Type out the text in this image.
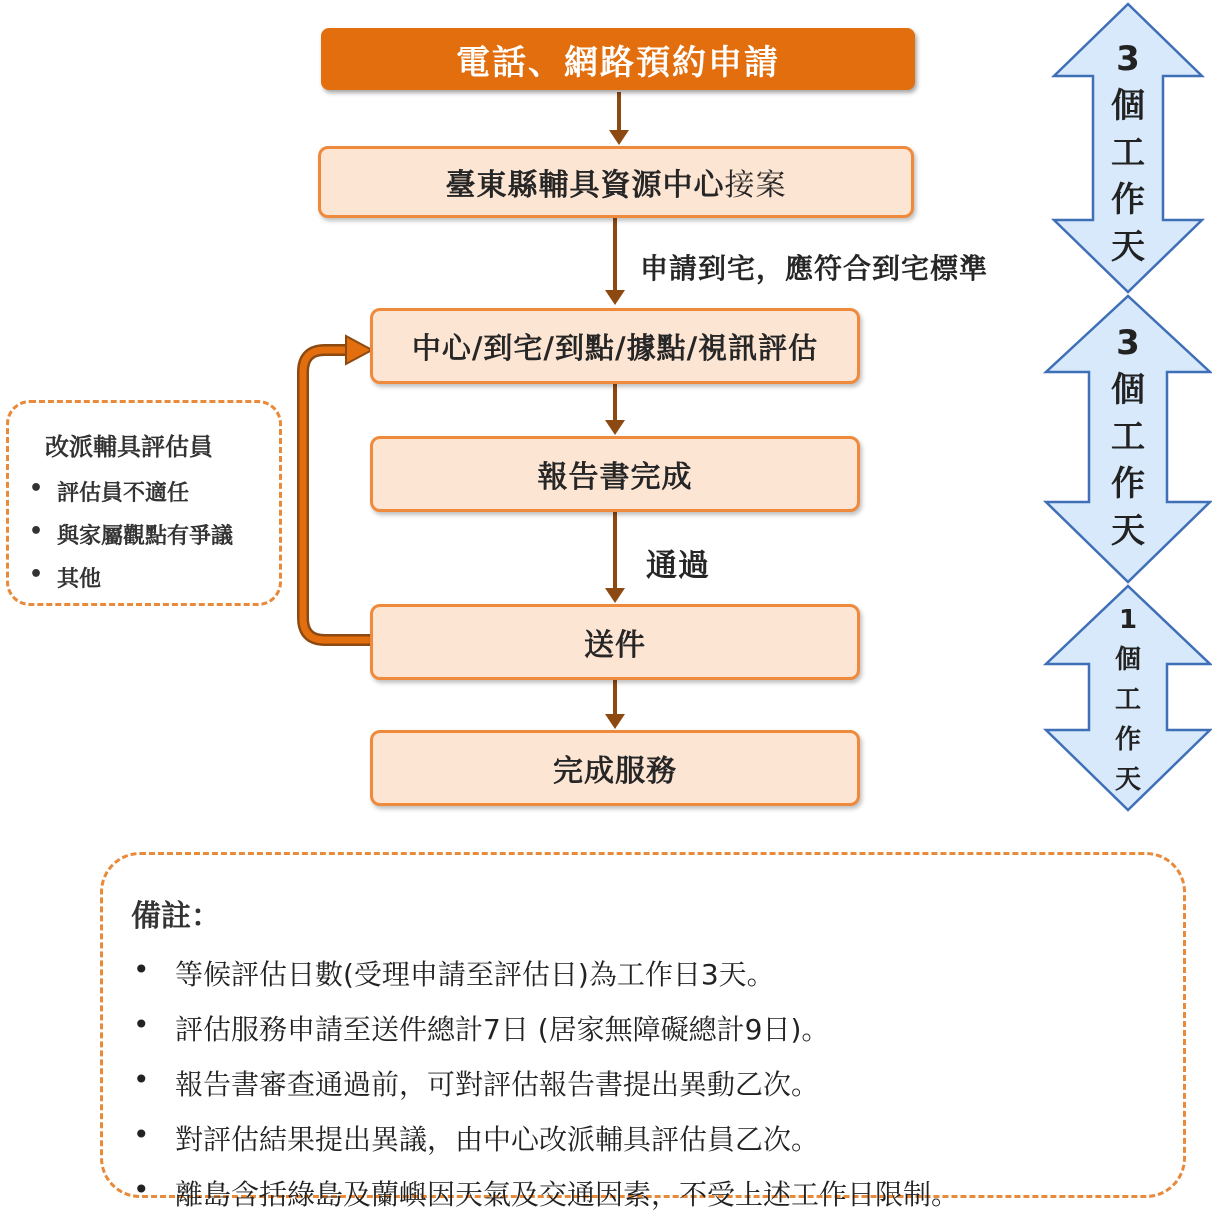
電話、網路預約申請
臺東縣輔具資源中心接案
申請到宅，應符合到宅標準
中心/到宅/到點/據點/視訊評估
報告書完成
通過
送件
完成服務
改派輔具評估員
• 評估員不適任
• 與家屬觀點有爭議
• 其他
3
個
工
作
天
3
個
工
作
天
1
個
工
作
天
備註：
• 等候評估日數(受理申請至評估日)為工作日3天。
• 評估服務申請至送件總計7日 (居家無障礙總計9日)。
• 報告書審查通過前，可對評估報告書提出異動乙次。
• 對評估結果提出異議，由中心改派輔具評估員乙次。
• 離島含括綠島及蘭嶼因天氣及交通因素，不受上述工作日限制。
